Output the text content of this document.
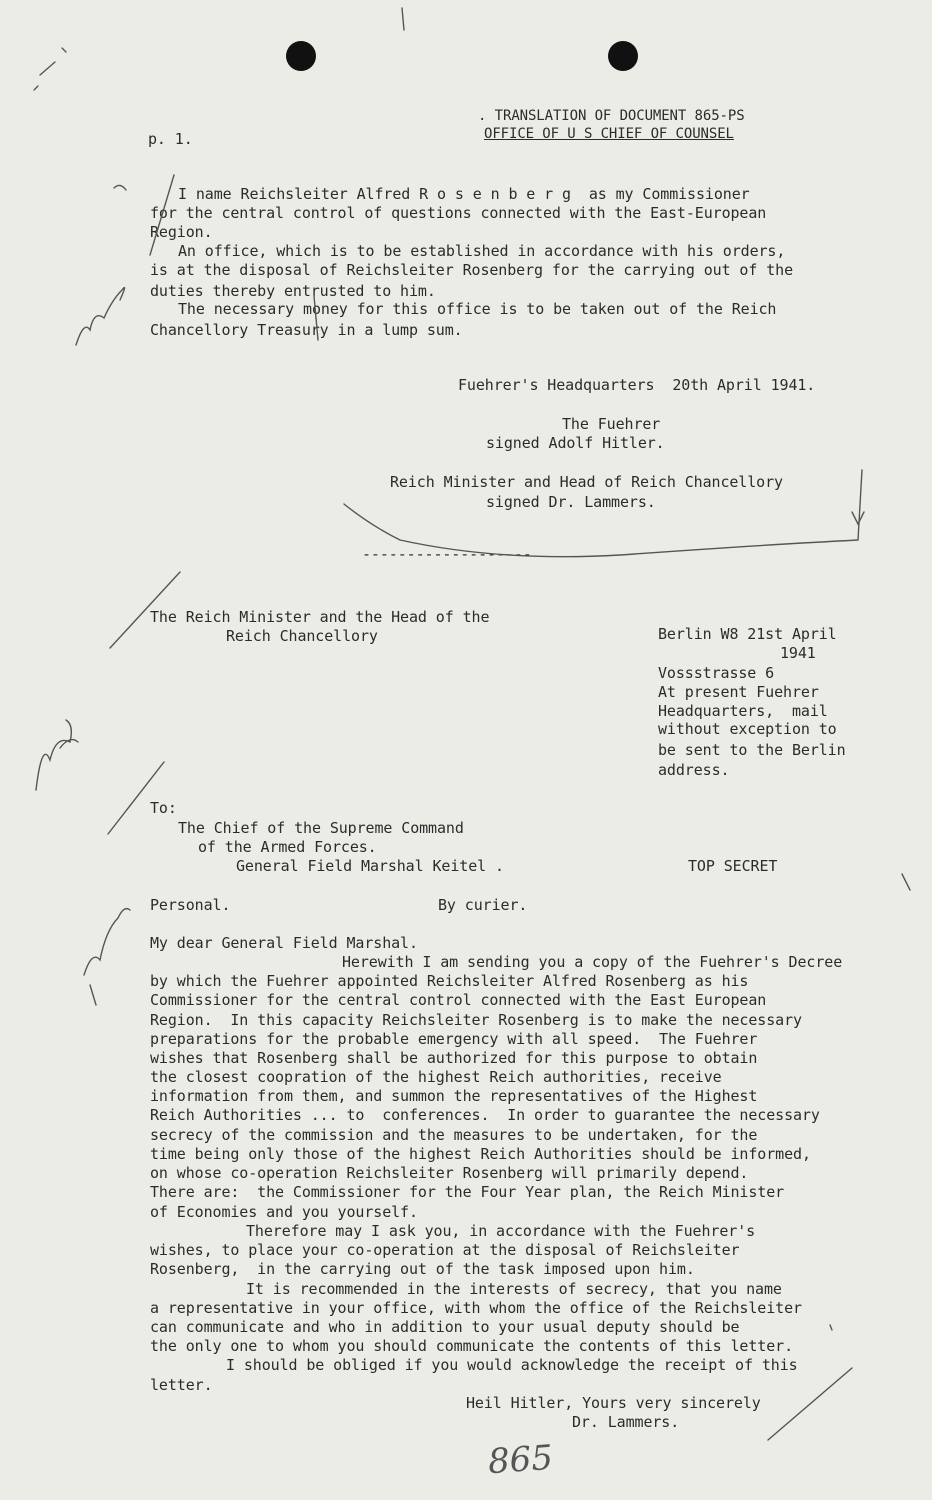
p. 1.
. TRANSLATION OF DOCUMENT 865-PS
OFFICE OF U S CHIEF OF COUNSEL
I name Reichsleiter Alfred R o s e n b e r g  as my Commissioner
for the central control of questions connected with the East-European
Region.
An office, which is to be established in accordance with his orders,
is at the disposal of Reichsleiter Rosenberg for the carrying out of the
duties thereby entrusted to him.
The necessary money for this office is to be taken out of the Reich
Chancellory Treasury in a lump sum.
Fuehrer's Headquarters  20th April 1941.
The Fuehrer
signed Adolf Hitler.
Reich Minister and Head of Reich Chancellory
signed Dr. Lammers.
-------------------
The Reich Minister and the Head of the
Reich Chancellory	Berlin W8 21st April
1941
Vossstrasse 6
At present Fuehrer
Headquarters,  mail
without exception to
be sent to the Berlin
address.
To:
The Chief of the Supreme Command
of the Armed Forces.
General Field Marshal Keitel .	TOP SECRET
Personal.	By curier.
My dear General Field Marshal.
Herewith I am sending you a copy of the Fuehrer's Decree
by which the Fuehrer appointed Reichsleiter Alfred Rosenberg as his
Commissioner for the central control connected with the East European
Region.  In this capacity Reichsleiter Rosenberg is to make the necessary
preparations for the probable emergency with all speed.  The Fuehrer
wishes that Rosenberg shall be authorized for this purpose to obtain
the closest coopration of the highest Reich authorities, receive
information from them, and summon the representatives of the Highest
Reich Authorities ... to  conferences.  In order to guarantee the necessary
secrecy of the commission and the measures to be undertaken, for the
time being only those of the highest Reich Authorities should be informed,
on whose co-operation Reichsleiter Rosenberg will primarily depend.
There are:  the Commissioner for the Four Year plan, the Reich Minister
of Economies and you yourself.
Therefore may I ask you, in accordance with the Fuehrer's
wishes, to place your co-operation at the disposal of Reichsleiter
Rosenberg,  in the carrying out of the task imposed upon him.
It is recommended in the interests of secrecy, that you name
a representative in your office, with whom the office of the Reichsleiter
can communicate and who in addition to your usual deputy should be
the only one to whom you should communicate the contents of this letter.
I should be obliged if you would acknowledge the receipt of this
letter.
Heil Hitler, Yours very sincerely
Dr. Lammers.
865
